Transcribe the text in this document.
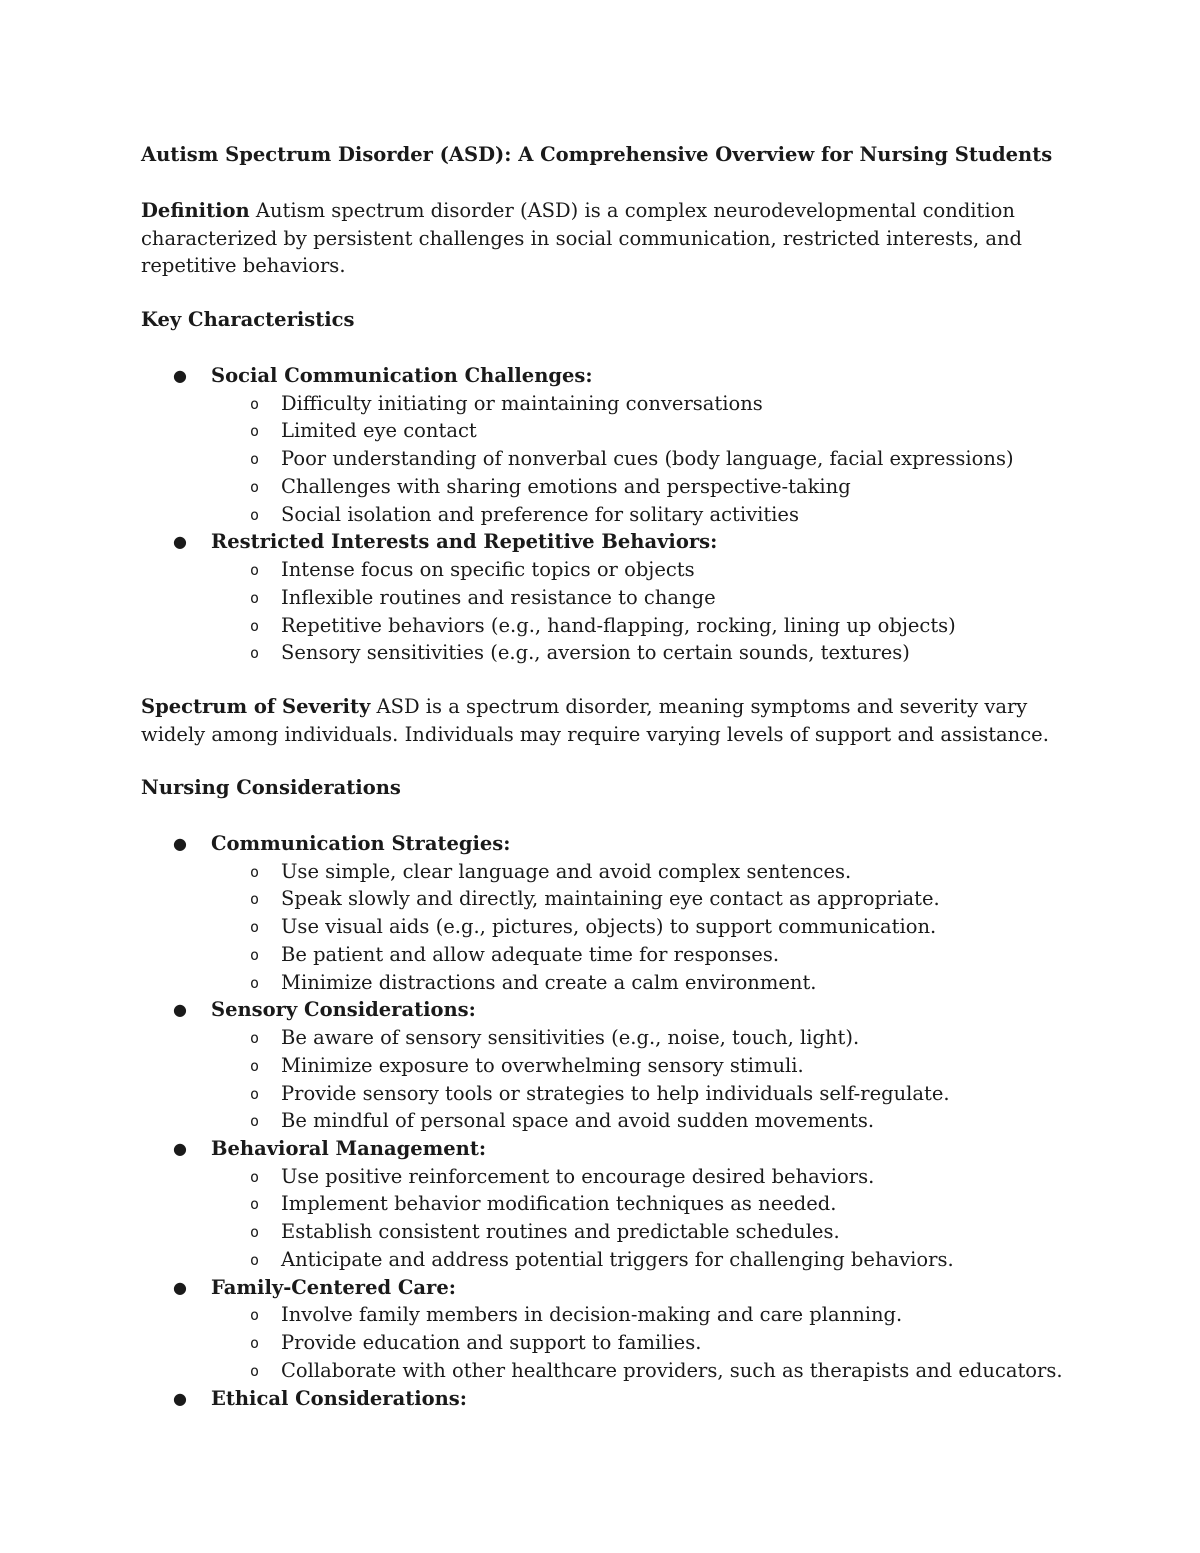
Autism Spectrum Disorder (ASD): A Comprehensive Overview for Nursing Students
Definition Autism spectrum disorder (ASD) is a complex neurodevelopmental condition characterized by persistent challenges in social communication, restricted interests, and repetitive behaviors.
Key Characteristics
● Social Communication Challenges:
o Difficulty initiating or maintaining conversations
o Limited eye contact
o Poor understanding of nonverbal cues (body language, facial expressions)
o Challenges with sharing emotions and perspective-taking
o Social isolation and preference for solitary activities
● Restricted Interests and Repetitive Behaviors:
o Intense focus on specific topics or objects
o Inflexible routines and resistance to change
o Repetitive behaviors (e.g., hand-flapping, rocking, lining up objects)
o Sensory sensitivities (e.g., aversion to certain sounds, textures)
Spectrum of Severity ASD is a spectrum disorder, meaning symptoms and severity vary widely among individuals. Individuals may require varying levels of support and assistance.
Nursing Considerations
● Communication Strategies:
o Use simple, clear language and avoid complex sentences.
o Speak slowly and directly, maintaining eye contact as appropriate.
o Use visual aids (e.g., pictures, objects) to support communication.
o Be patient and allow adequate time for responses.
o Minimize distractions and create a calm environment.
● Sensory Considerations:
o Be aware of sensory sensitivities (e.g., noise, touch, light).
o Minimize exposure to overwhelming sensory stimuli.
o Provide sensory tools or strategies to help individuals self-regulate.
o Be mindful of personal space and avoid sudden movements.
● Behavioral Management:
o Use positive reinforcement to encourage desired behaviors.
o Implement behavior modification techniques as needed.
o Establish consistent routines and predictable schedules.
o Anticipate and address potential triggers for challenging behaviors.
● Family-Centered Care:
o Involve family members in decision-making and care planning.
o Provide education and support to families.
o Collaborate with other healthcare providers, such as therapists and educators.
● Ethical Considerations:
